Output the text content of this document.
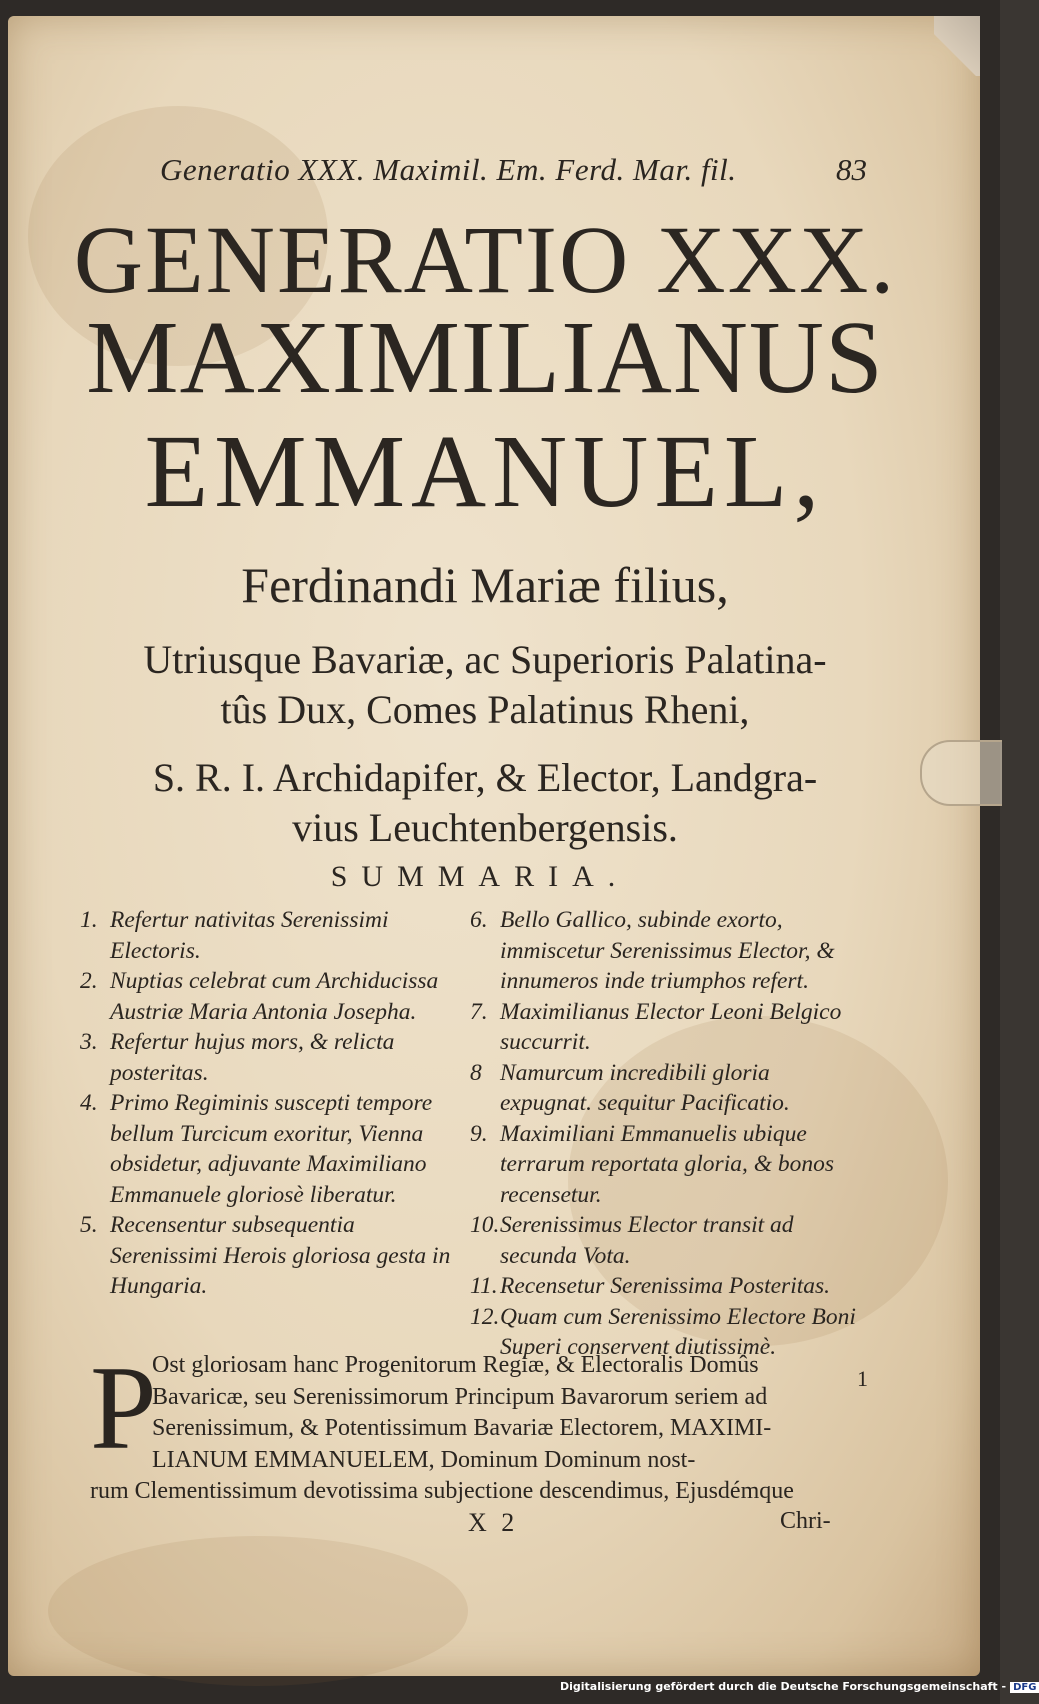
Generatio XXX. Maximil. Em. Ferd. Mar. fil.	83
GENERATIO XXX.
MAXIMILIANUS
EMMANUEL,
Ferdinandi Mariæ filius,
Utriusque Bavariæ, ac Superioris Palatina-
tûs Dux, Comes Palatinus Rheni,
S. R. I. Archidapifer, & Elector, Landgra-
vius Leuchtenbergensis.
SUMMARIA.
1. Refertur nativitas Serenissimi Electoris.
2. Nuptias celebrat cum Archiducissa Austriæ Maria Antonia Josepha.
3. Refertur hujus mors, & relicta posteritas.
4. Primo Regiminis suscepti tempore bellum Turcicum exoritur, Vienna obsidetur, adjuvante Maximiliano Emmanuele gloriosè liberatur.
5. Recensentur subsequentia Serenissimi Herois gloriosa gesta in Hungaria.
6. Bello Gallico, subinde exorto, immiscetur Serenissimus Elector, & innumeros inde triumphos refert.
7. Maximilianus Elector Leoni Belgico succurrit.
8 Namurcum incredibili gloria expugnat. sequitur Pacificatio.
9. Maximiliani Emmanuelis ubique terrarum reportata gloria, & bonos recensetur.
10. Serenissimus Elector transit ad secunda Vota.
11. Recensetur Serenissima Posteritas.
12. Quam cum Serenissimo Electore Boni Superi conservent diutissimè.
P
Ost gloriosam hanc Progenitorum Regiæ, & Electoralis Domûs
Bavaricæ, seu Serenissimorum Principum Bavarorum seriem ad
Serenissimum, & Potentissimum Bavariæ Electorem, MAXIMI-
LIANUM EMMANUELEM, Dominum Dominum nost-
rum Clementissimum devotissima subjectione descendimus, Ejusdémque
1
X 2	Chri-
Digitalisierung gefördert durch die Deutsche Forschungsgemeinschaft - DFG
